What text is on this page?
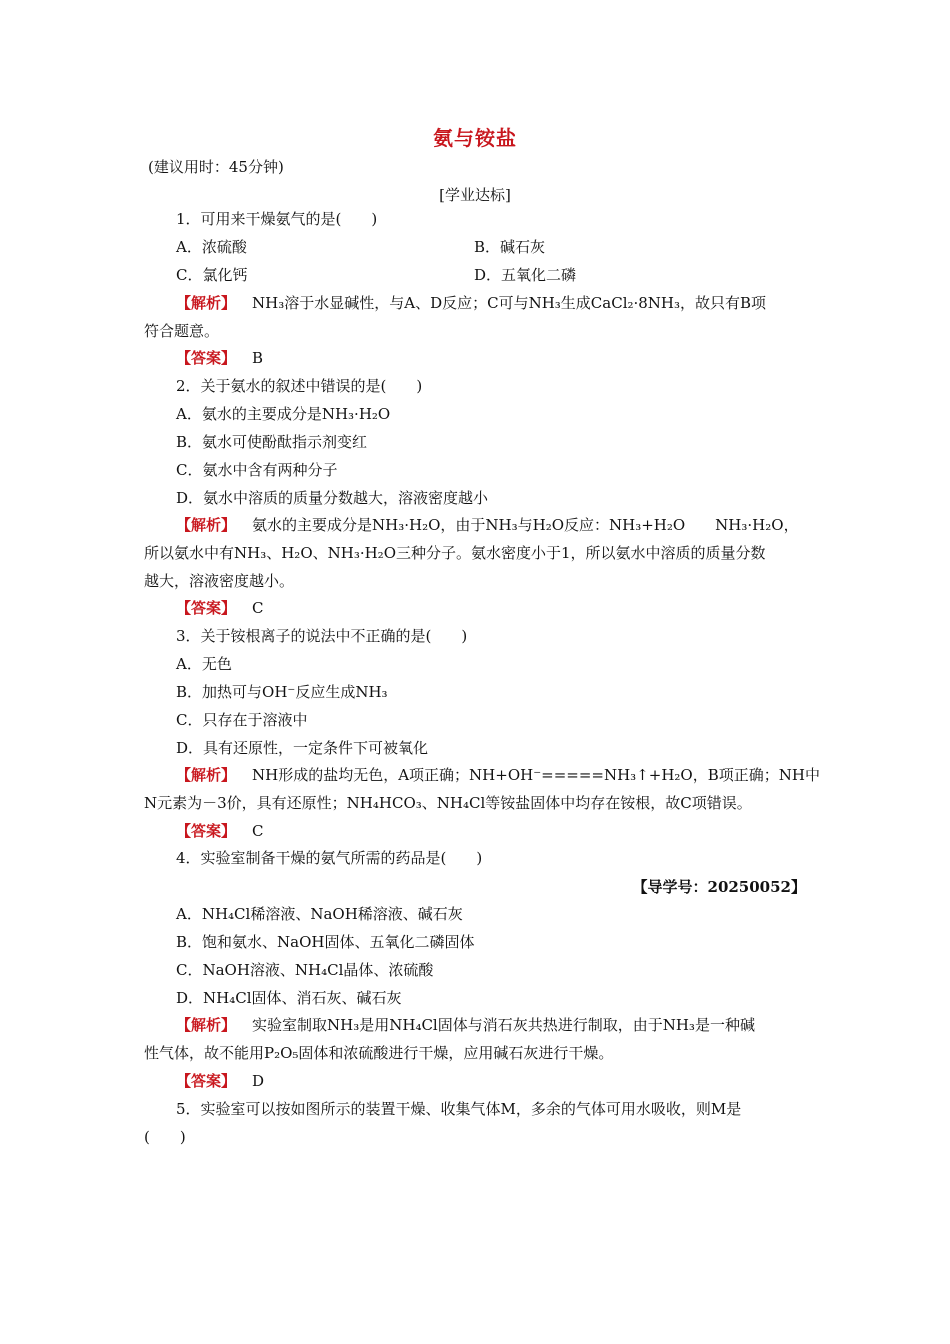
氨与铵盐
(建议用时：45分钟)
[学业达标]
1．可用来干燥氨气的是(　　)
A．浓硫酸	B．碱石灰
C．氯化钙	D．五氧化二磷
【解析】 NH₃溶于水显碱性，与A、D反应；C可与NH₃生成CaCl₂·8NH₃，故只有B项
符合题意。
【答案】 B
2．关于氨水的叙述中错误的是(　　)
A．氨水的主要成分是NH₃·H₂O
B．氨水可使酚酞指示剂变红
C．氨水中含有两种分子
D．氨水中溶质的质量分数越大，溶液密度越小
【解析】 氨水的主要成分是NH₃·H₂O，由于NH₃与H₂O反应：NH₃+H₂O　　NH₃·H₂O，
所以氨水中有NH₃、H₂O、NH₃·H₂O三种分子。氨水密度小于1，所以氨水中溶质的质量分数
越大，溶液密度越小。
【答案】 C
3．关于铵根离子的说法中不正确的是(　　)
A．无色
B．加热可与OH⁻反应生成NH₃
C．只存在于溶液中
D．具有还原性，一定条件下可被氧化
【解析】 NH形成的盐均无色，A项正确；NH+OH⁻=====NH₃↑+H₂O，B项正确；NH中
N元素为－3价，具有还原性；NH₄HCO₃、NH₄Cl等铵盐固体中均存在铵根，故C项错误。
【答案】 C
4．实验室制备干燥的氨气所需的药品是(　　)
【导学号：20250052】
A．NH₄Cl稀溶液、NaOH稀溶液、碱石灰
B．饱和氨水、NaOH固体、五氧化二磷固体
C．NaOH溶液、NH₄Cl晶体、浓硫酸
D．NH₄Cl固体、消石灰、碱石灰
【解析】 实验室制取NH₃是用NH₄Cl固体与消石灰共热进行制取，由于NH₃是一种碱
性气体，故不能用P₂O₅固体和浓硫酸进行干燥，应用碱石灰进行干燥。
【答案】 D
5．实验室可以按如图所示的装置干燥、收集气体M，多余的气体可用水吸收，则M是
(　　)
